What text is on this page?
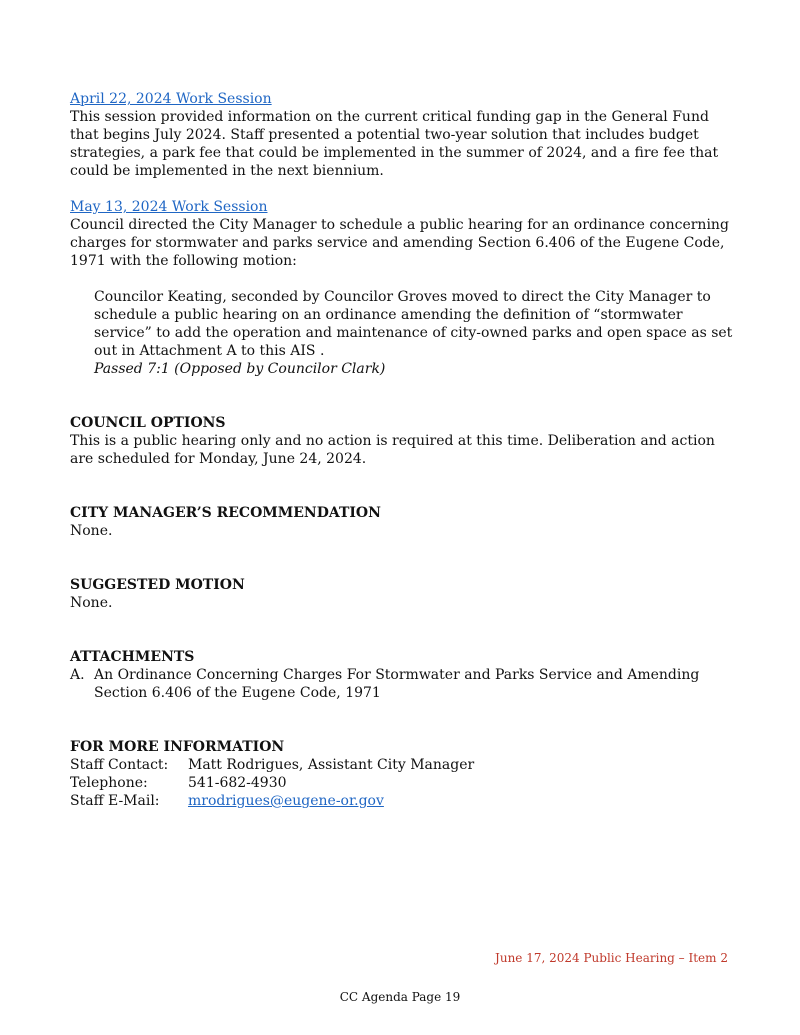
April 22, 2024 Work Session

This session provided information on the current critical funding gap in the General Fund that begins July 2024. Staff presented a potential two-year solution that includes budget strategies, a park fee that could be implemented in the summer of 2024, and a fire fee that could be implemented in the next biennium.

May 13, 2024 Work Session

Council directed the City Manager to schedule a public hearing for an ordinance concerning charges for stormwater and parks service and amending Section 6.406 of the Eugene Code, 1971 with the following motion:

Councilor Keating, seconded by Councilor Groves moved to direct the City Manager to schedule a public hearing on an ordinance amending the definition of “stormwater service” to add the operation and maintenance of city-owned parks and open space as set out in Attachment A to this AIS .

Passed 7:1 (Opposed by Councilor Clark)

COUNCIL OPTIONS

This is a public hearing only and no action is required at this time. Deliberation and action are scheduled for Monday, June 24, 2024.

CITY MANAGER’S RECOMMENDATION

None.

SUGGESTED MOTION

None.

ATTACHMENTS

A. An Ordinance Concerning Charges For Stormwater and Parks Service and Amending Section 6.406 of the Eugene Code, 1971

FOR MORE INFORMATION

Staff Contact:	Matt Rodrigues, Assistant City Manager
Telephone:	541-682-4930
Staff E-Mail:	mrodrigues@eugene-or.gov
June 17, 2024 Public Hearing – Item 2
CC Agenda Page 19
